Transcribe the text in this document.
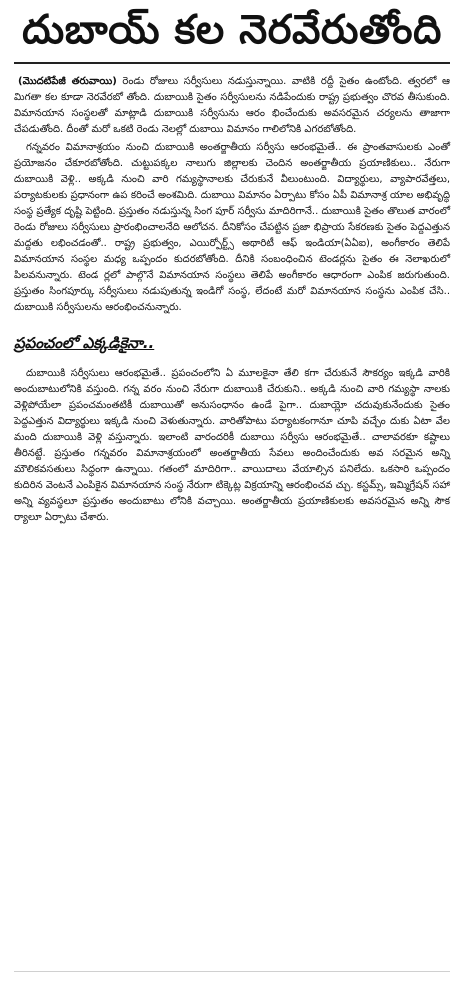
దుబాయ్ కల నెరవేరుతోంది

(మొదటిపేజీ తరువాయి) రెండు రోజులు సర్వీసులు నడుస్తున్నాయి. వాటికి రద్దీ సైతం ఉంటోంది. త్వరలో ఆ మిగతా కల కూడా నెరవేరబో తోంది. దుబాయికి సైతం సర్వీసులను నడిపేందుకు రాష్ట్ర ప్రభుత్వం చొరవ తీసుకుంది. విమానయాన సంస్థలతో మాట్లాడి దుబాయికి సర్వీసును ఆరం భించేందుకు అవసరమైన చర్యలను తాజాగా చేపడుతోంది. దీంతో మరో ఒకటి రెండు నెలల్లో దుబాయి విమానం గాలిలోనికి ఎగరబోతోంది.

గన్నవరం విమానాశ్రయం నుంచి దుబాయికి అంతర్జాతీయ సర్వీసు ఆరంభమైతే.. ఈ ప్రాంతవాసులకు ఎంతో ప్రయోజనం చేకూరబోతోంది. చుట్టుపక్కల నాలుగు జిల్లాలకు చెందిన అంతర్జాతీయ ప్రయాణికులు.. నేరుగా దుబాయికి వెళ్లి.. అక్కడి నుంచి వారి గమ్యస్థానాలకు చేరుకునే వీలుంటుంది. విద్యార్థులు, వ్యాపారవేత్తలు, పర్యాటకులకు ప్రధానంగా ఉప కరించే అంశమిది. దుబాయి విమానం ఏర్పాటు కోసం ఏపీ విమానాశ్ర యాల అభివృద్ధి సంస్థ ప్రత్యేక దృష్టి పెట్టింది. ప్రస్తుతం నడుస్తున్న సింగ పూర్ సర్వీసు మాదిరిగానే.. దుబాయికి సైతం తొలుత వారంలో రెండు రోజులు సర్వీసులు ప్రారంభించాలనేది ఆలోచన. దీనికోసం చేపట్టిన ప్రజా భిప్రాయ సేకరణకు సైతం పెద్దఎత్తున మద్దతు లభించడంతో.. రాష్ట్ర ప్రభుత్వం, ఎయిర్పోర్ట్స్ అథారిటీ ఆఫ్ ఇండియా(ఏఏఐ), అంగీకారం తెలిపే విమానయాన సంస్థల మధ్య ఒప్పందం కుదరబోతోంది. దీనికి సంబంధించిన టెండర్లను సైతం ఈ నెలాఖరులో పిలవనున్నారు. టెండ ర్లలో పాల్గొనే విమానయాన సంస్థలు తెలిపే అంగీకారం ఆధారంగా ఎంపిక జరుగుతుంది. ప్రస్తుతం సింగపూర్కు సర్వీసులు నడుపుతున్న ఇండిగో సంస్థ, లేదంటే మరో విమానయాన సంస్థను ఎంపిక చేసి.. దుబాయికి సర్వీసులను ఆరంభించనున్నారు.

ప్రపంచంలో ఎక్కడికైనా..

దుబాయికి సర్వీసులు ఆరంభమైతే.. ప్రపంచంలోని ఏ మూలకైనా తేలి కగా చేరుకునే సౌకర్యం ఇక్కడి వారికి అందుబాటులోనికి వస్తుంది. గన్న వరం నుంచి నేరుగా దుబాయికి చేరుకుని.. అక్కడి నుంచి వారి గమ్యస్థా నాలకు వెళ్లిపోయేలా ప్రపంచమంతటికీ దుబాయితో అనుసంధానం ఉండే పైగా.. దుబాయ్లో చదువుకునేందుకు సైతం పెద్దఎత్తున విద్యార్థులు ఇక్కడి నుంచి వెళుతున్నారు. వారితోపాటు పర్యాటకంగానూ చూపి వచ్చేం దుకు ఏటా వేల మంది దుబాయికి వెళ్లి వస్తున్నారు. ఇలాంటి వారందరికీ దుబాయి సర్వీసు ఆరంభమైతే.. చాలావరకూ కష్టాలు తీరినట్టే. ప్రస్తుతం గన్నవరం విమానాశ్రయంలో అంతర్జాతీయ సేవలు అందించేందుకు అవ సరమైన అన్ని మౌలికవసతులు సిద్ధంగా ఉన్నాయి. గతంలో మాదిరిగా.. వాయిదాలు వేయాల్సిన పనిలేదు. ఒకసారి ఒప్పందం కుదిరిన వెంటనే ఎంపికైన విమానయాన సంస్థ నేరుగా టిక్కెట్ల విక్రయాన్ని ఆరంభించవ చ్చు. కస్టమ్స్, ఇమ్మిగ్రేషన్ సహా అన్ని వ్యవస్థలూ ప్రస్తుతం అందుబాటు లోనికి వచ్చాయి. అంతర్జాతీయ ప్రయాణికులకు అవసరమైన అన్ని సౌక ర్యాలూ ఏర్పాటు చేశారు.
